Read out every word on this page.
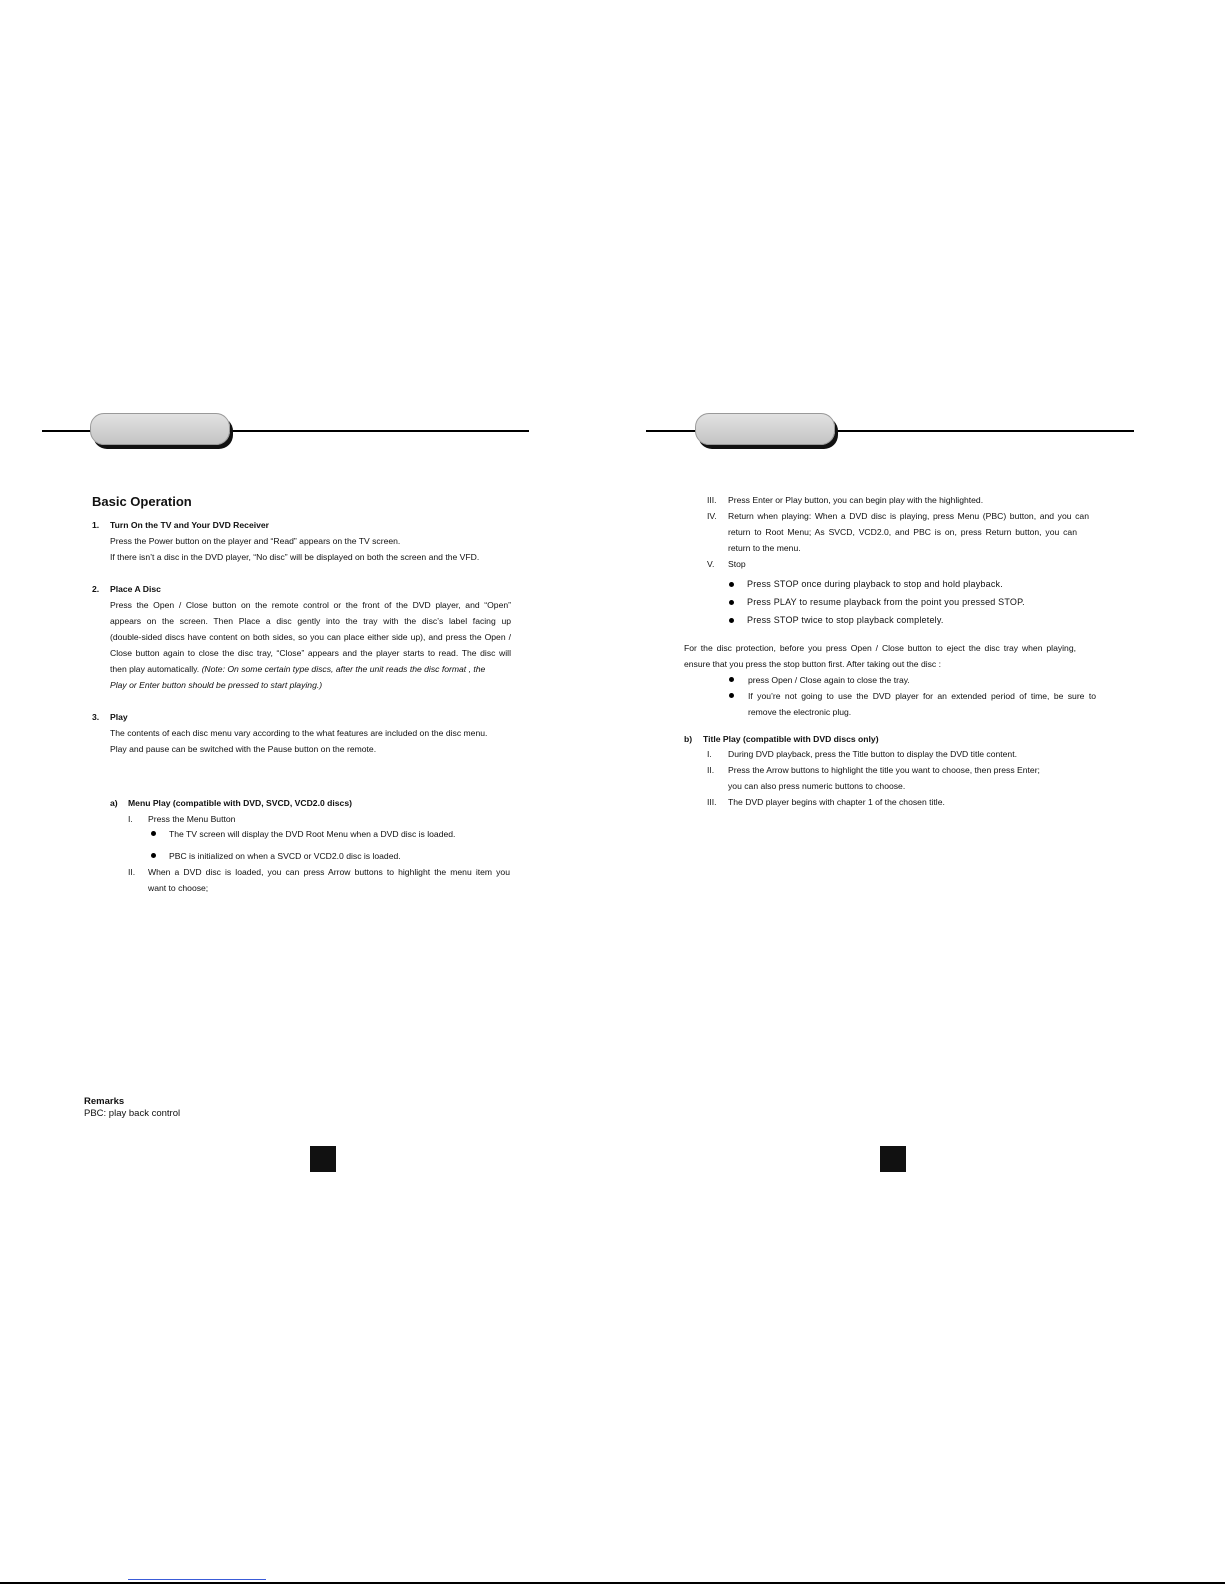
Basic Operation
1. Turn On the TV and Your DVD Receiver
Press the Power button on the player and “Read” appears on the TV screen.
If there isn’t a disc in the DVD player, “No disc” will be displayed on both the screen and the VFD.
2. Place A Disc
Press the Open / Close button on the remote control or the front of the DVD player, and “Open”
appears on the screen. Then Place a disc gently into the tray with the disc’s label facing up
(double-sided discs have content on both sides, so you can place either side up), and press the Open /
Close button again to close the disc tray, “Close” appears and the player starts to read. The disc will
then play automatically. (Note: On some certain type discs, after the unit reads the disc format , the
Play or Enter button should be pressed to start playing.)
3. Play
The contents of each disc menu vary according to the what features are included on the disc menu.
Play and pause can be switched with the Pause button on the remote.
a) Menu Play (compatible with DVD, SVCD, VCD2.0 discs)
I. Press the Menu Button
The TV screen will display the DVD Root Menu when a DVD disc is loaded.
PBC is initialized on when a SVCD or VCD2.0 disc is loaded.
II. When a DVD disc is loaded, you can press Arrow buttons to highlight the menu item you
want to choose;
Remarks
PBC: play back control
III. Press Enter or Play button, you can begin play with the highlighted.
IV. Return when playing: When a DVD disc is playing, press Menu (PBC) button, and you can
return to Root Menu; As SVCD, VCD2.0, and PBC is on, press Return button, you can
return to the menu.
V. Stop
Press STOP once during playback to stop and hold playback.
Press PLAY to resume playback from the point you pressed STOP.
Press STOP twice to stop playback completely.
For the disc protection, before you press Open / Close button to eject the disc tray when playing,
ensure that you press the stop button first. After taking out the disc :
press Open / Close again to close the tray.
If you’re not going to use the DVD player for an extended period of time, be sure to
remove the electronic plug.
b) Title Play (compatible with DVD discs only)
I. During DVD playback, press the Title button to display the DVD title content.
II. Press the Arrow buttons to highlight the title you want to choose, then press Enter;
you can also press numeric buttons to choose.
III. The DVD player begins with chapter 1 of the chosen title.
